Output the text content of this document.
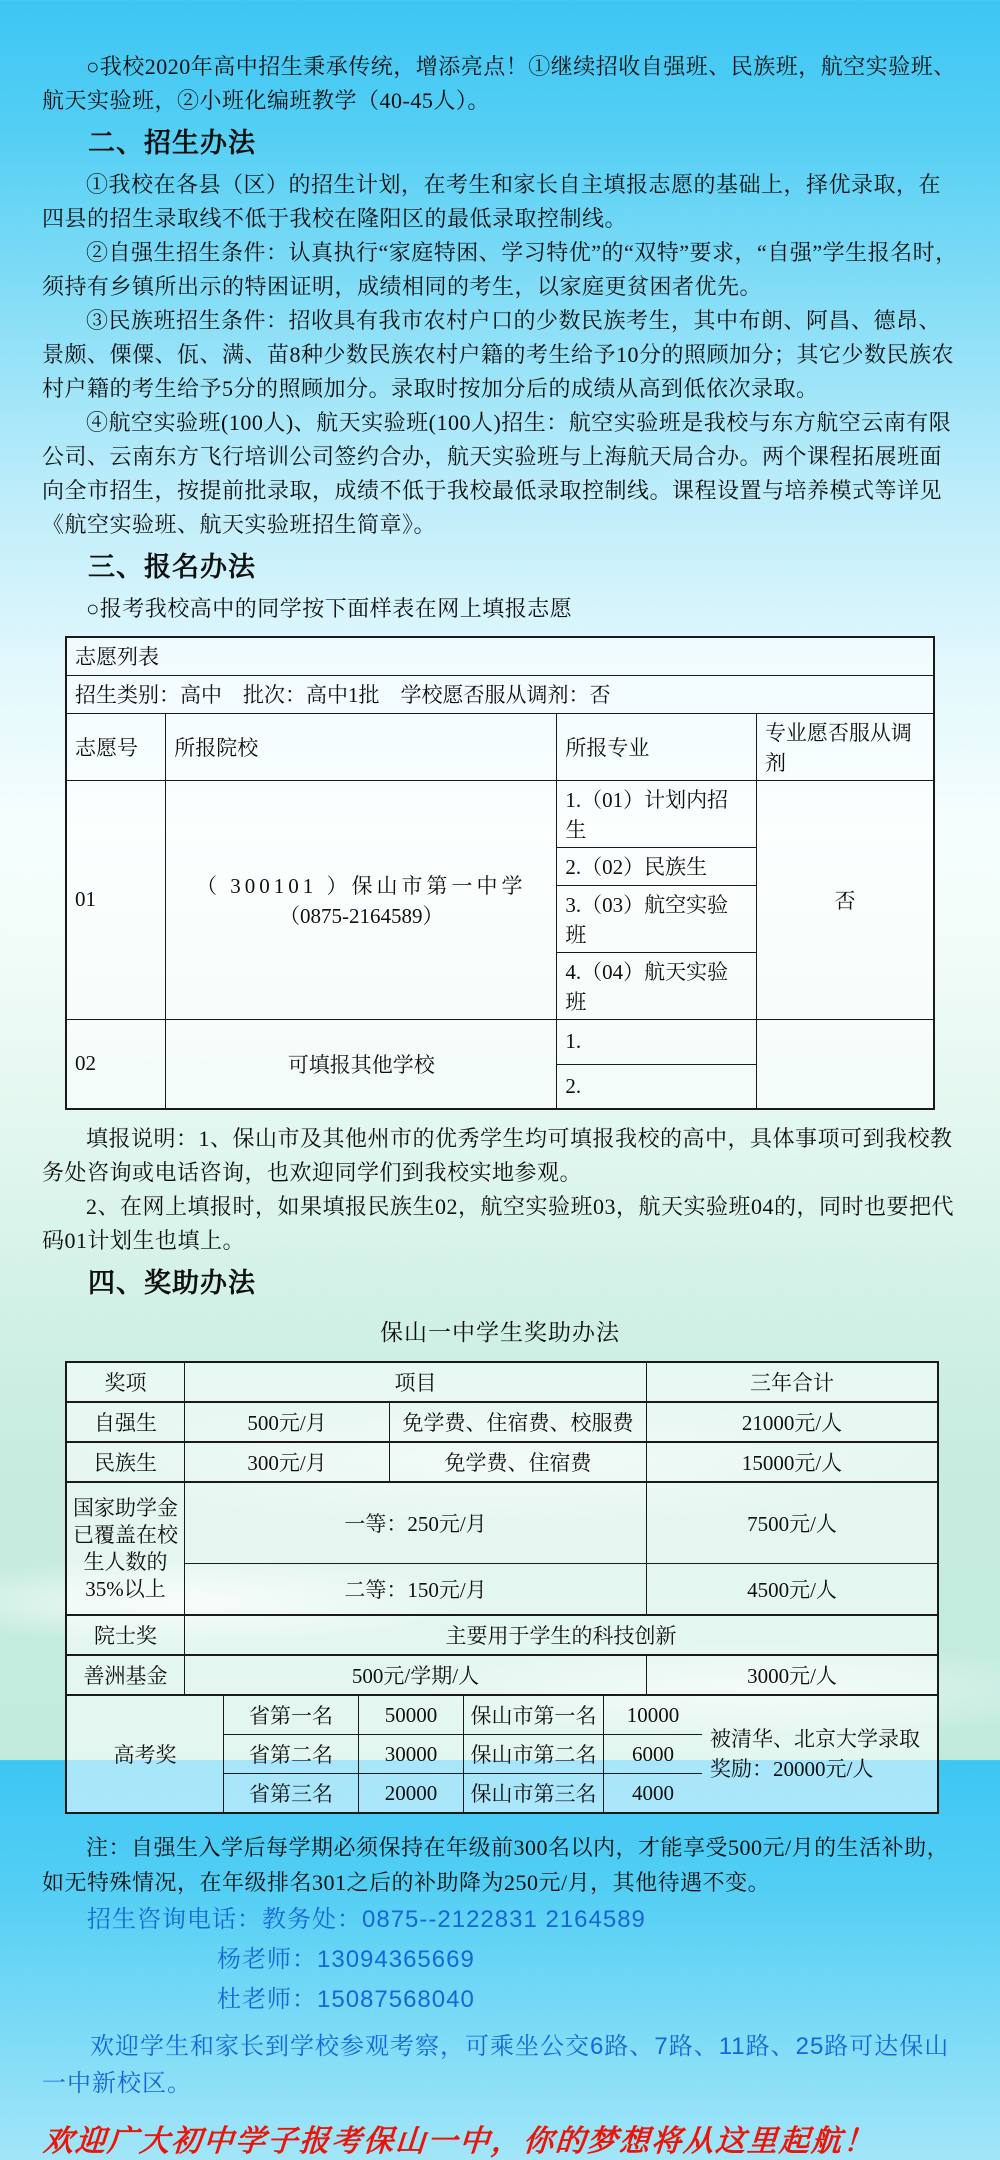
○我校2020年高中招生秉承传统，增添亮点！①继续招收自强班、民族班，航空实验班、航天实验班，②小班化编班教学（40-45人）。

二、招生办法

①我校在各县（区）的招生计划，在考生和家长自主填报志愿的基础上，择优录取，在四县的招生录取线不低于我校在隆阳区的最低录取控制线。

②自强生招生条件：认真执行“家庭特困、学习特优”的“双特”要求，“自强”学生报名时，须持有乡镇所出示的特困证明，成绩相同的考生，以家庭更贫困者优先。

③民族班招生条件：招收具有我市农村户口的少数民族考生，其中布朗、阿昌、德昂、景颇、傈僳、佤、满、苗8种少数民族农村户籍的考生给予10分的照顾加分；其它少数民族农村户籍的考生给予5分的照顾加分。录取时按加分后的成绩从高到低依次录取。

④航空实验班(100人)、航天实验班(100人)招生：航空实验班是我校与东方航空云南有限公司、云南东方飞行培训公司签约合办，航天实验班与上海航天局合办。两个课程拓展班面向全市招生，按提前批录取，成绩不低于我校最低录取控制线。课程设置与培养模式等详见《航空实验班、航天实验班招生简章》。

三、报名办法

○报考我校高中的同学按下面样表在网上填报志愿

志愿列表			
招生类别：高中　批次：高中1批　学校愿否服从调剂：否			
志愿号	所报院校	所报专业	专业愿否服从调剂
01	（ 300101 ）保山市第一中学
（0875-2164589）	1.（01）计划内招生	否
		2.（02）民族生	
		3.（03）航空实验班	
		4.（04）航天实验班	
02	可填报其他学校	1.	
		2.	

填报说明：1、保山市及其他州市的优秀学生均可填报我校的高中，具体事项可到我校教务处咨询或电话咨询，也欢迎同学们到我校实地参观。

2、在网上填报时，如果填报民族生02，航空实验班03，航天实验班04的，同时也要把代码01计划生也填上。

四、奖助办法
保山一中学生奖助办法
奖项	项目	三年合计
自强生	500元/月	免学费、住宿费、校服费	21000元/人
民族生	300元/月	免学费、住宿费	15000元/人
国家助学金已覆盖在校生人数的35%以上
一等：250元/月	7500元/人
二等：150元/月	4500元/人
院士奖	主要用于学生的科技创新
善洲基金	500元/学期/人	3000元/人
高考奖
省第一名	50000	保山市第一名	10000
省第二名	30000	保山市第二名	6000
省第三名	20000	保山市第三名	4000
被清华、北京大学录取奖励：20000元/人

注：自强生入学后每学期必须保持在年级前300名以内，才能享受500元/月的生活补助，如无特殊情况，在年级排名301之后的补助降为250元/月，其他待遇不变。

招生咨询电话：教务处：0875--2122831 2164589
杨老师：13094365669
杜老师：15087568040
欢迎学生和家长到学校参观考察，可乘坐公交6路、7路、11路、25路可达保山一中新校区。
欢迎广大初中学子报考保山一中，你的梦想将从这里起航！
